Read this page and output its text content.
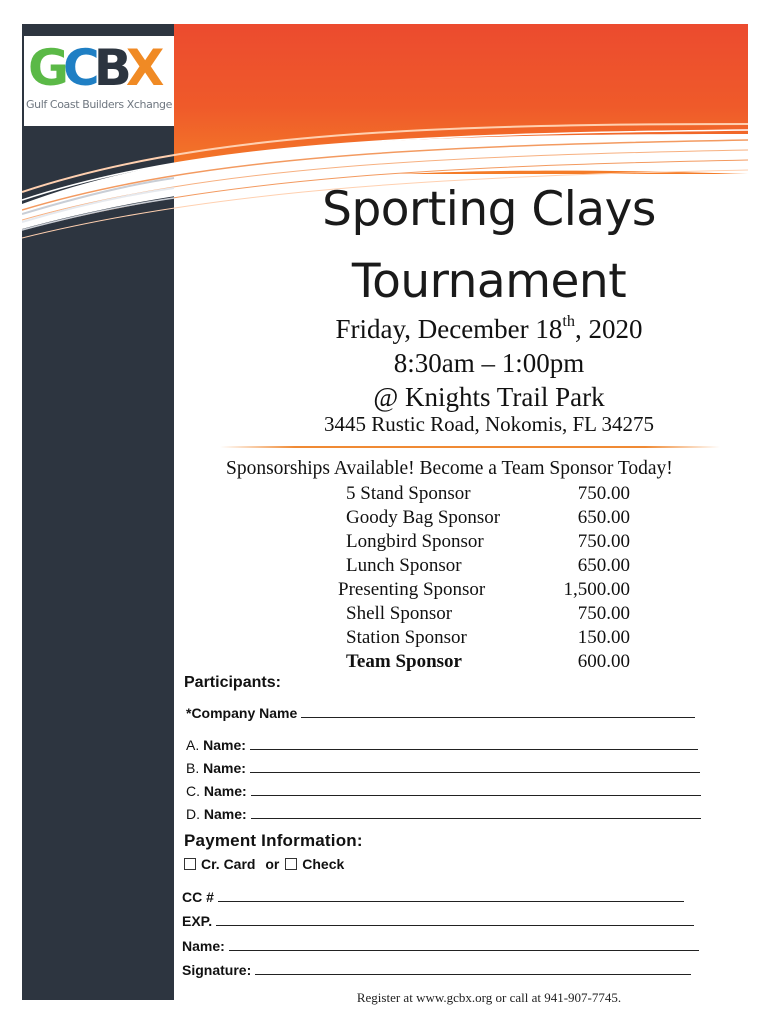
GCBX
Gulf Coast Builders Xchange
Sporting Clays
Tournament
Friday, December 18th, 2020
8:30am – 1:00pm
@ Knights Trail Park
3445 Rustic Road, Nokomis, FL 34275
Sponsorships Available! Become a Team Sponsor Today!
5 Stand Sponsor	750.00
Goody Bag Sponsor	650.00
Longbird Sponsor	750.00
Lunch Sponsor	650.00
Presenting Sponsor	1,500.00
Shell Sponsor	750.00
Station Sponsor	150.00
Team Sponsor	600.00
Participants:
*Company Name
A. Name:
B. Name:
C. Name:
D. Name:
Payment Information:
Cr. Card or Check
CC #
EXP.
Name:
Signature:
Register at www.gcbx.org or call at 941-907-7745.
